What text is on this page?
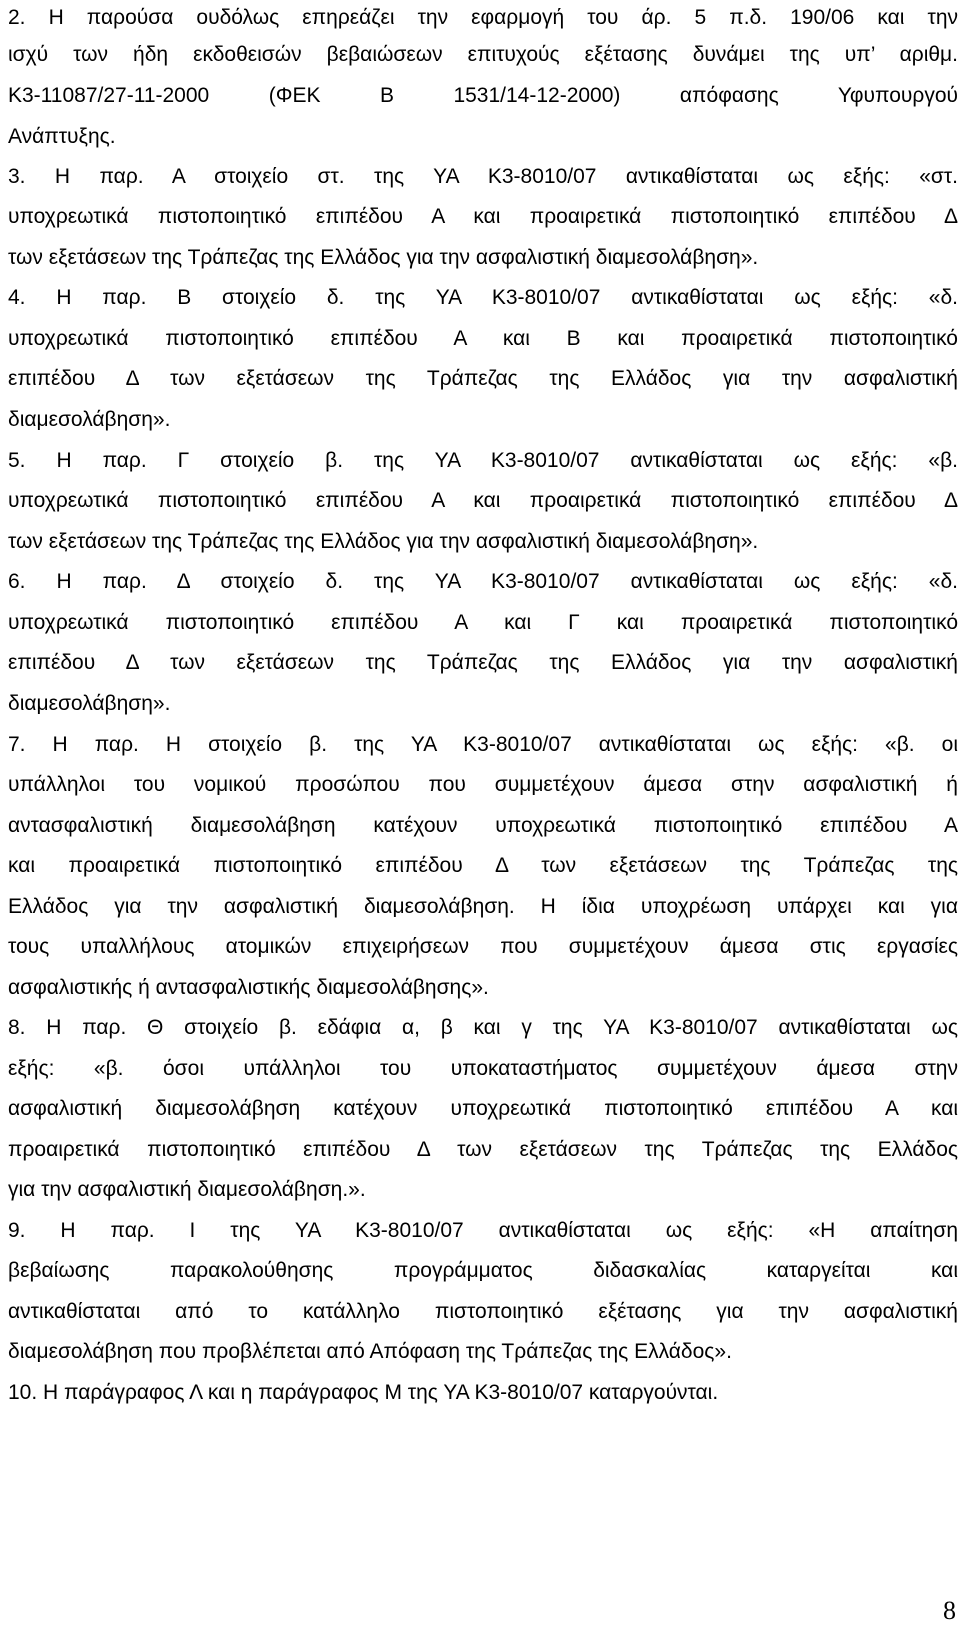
2. Η παρούσα ουδόλως επηρεάζει την εφαρμογή του άρ. 5 π.δ. 190/06 και την
ισχύ των ήδη εκδοθεισών βεβαιώσεων επιτυχούς εξέτασης δυνάμει της υπ’ αριθμ.
Κ3-11087/27-11-2000 (ΦΕΚ Β 1531/14-12-2000) απόφασης Υφυπουργού
Ανάπτυξης.
3. Η παρ. Α στοιχείο στ. της ΥΑ Κ3-8010/07 αντικαθίσταται ως εξής: «στ.
υποχρεωτικά πιστοποιητικό επιπέδου Α και προαιρετικά πιστοποιητικό επιπέδου Δ
των εξετάσεων της Τράπεζας της Ελλάδος για την ασφαλιστική διαμεσολάβηση».
4. Η παρ. Β στοιχείο δ. της ΥΑ Κ3-8010/07 αντικαθίσταται ως εξής: «δ.
υποχρεωτικά πιστοποιητικό επιπέδου Α και Β και προαιρετικά πιστοποιητικό
επιπέδου Δ των εξετάσεων της Τράπεζας της Ελλάδος για την ασφαλιστική
διαμεσολάβηση».
5. Η παρ. Γ στοιχείο β. της ΥΑ Κ3-8010/07 αντικαθίσταται ως εξής: «β.
υποχρεωτικά πιστοποιητικό επιπέδου Α και προαιρετικά πιστοποιητικό επιπέδου Δ
των εξετάσεων της Τράπεζας της Ελλάδος για την ασφαλιστική διαμεσολάβηση».
6. Η παρ. Δ στοιχείο δ. της ΥΑ Κ3-8010/07 αντικαθίσταται ως εξής: «δ.
υποχρεωτικά πιστοποιητικό επιπέδου Α και Γ και προαιρετικά πιστοποιητικό
επιπέδου Δ των εξετάσεων της Τράπεζας της Ελλάδος για την ασφαλιστική
διαμεσολάβηση».
7. Η παρ. Η στοιχείο β. της ΥΑ Κ3-8010/07 αντικαθίσταται ως εξής: «β. οι
υπάλληλοι του νομικού προσώπου που συμμετέχουν άμεσα στην ασφαλιστική ή
αντασφαλιστική διαμεσολάβηση κατέχουν υποχρεωτικά πιστοποιητικό επιπέδου Α
και προαιρετικά πιστοποιητικό επιπέδου Δ των εξετάσεων της Τράπεζας της
Ελλάδος για την ασφαλιστική διαμεσολάβηση. Η ίδια υποχρέωση υπάρχει και για
τους υπαλλήλους ατομικών επιχειρήσεων που συμμετέχουν άμεσα στις εργασίες
ασφαλιστικής ή αντασφαλιστικής διαμεσολάβησης».
8. Η παρ. Θ στοιχείο β. εδάφια α, β και γ της ΥΑ Κ3-8010/07 αντικαθίσταται ως
εξής: «β. όσοι υπάλληλοι του υποκαταστήματος συμμετέχουν άμεσα στην
ασφαλιστική διαμεσολάβηση κατέχουν υποχρεωτικά πιστοποιητικό επιπέδου Α και
προαιρετικά πιστοποιητικό επιπέδου Δ των εξετάσεων της Τράπεζας της Ελλάδος
για την ασφαλιστική διαμεσολάβηση.».
9. Η παρ. Ι της ΥΑ Κ3-8010/07 αντικαθίσταται ως εξής: «Η απαίτηση
βεβαίωσης παρακολούθησης προγράμματος διδασκαλίας καταργείται και
αντικαθίσταται από το κατάλληλο πιστοποιητικό εξέτασης για την ασφαλιστική
διαμεσολάβηση που προβλέπεται από Απόφαση της Τράπεζας της Ελλάδος».
10. Η παράγραφος Λ και η παράγραφος Μ της ΥΑ Κ3-8010/07 καταργούνται.
8
